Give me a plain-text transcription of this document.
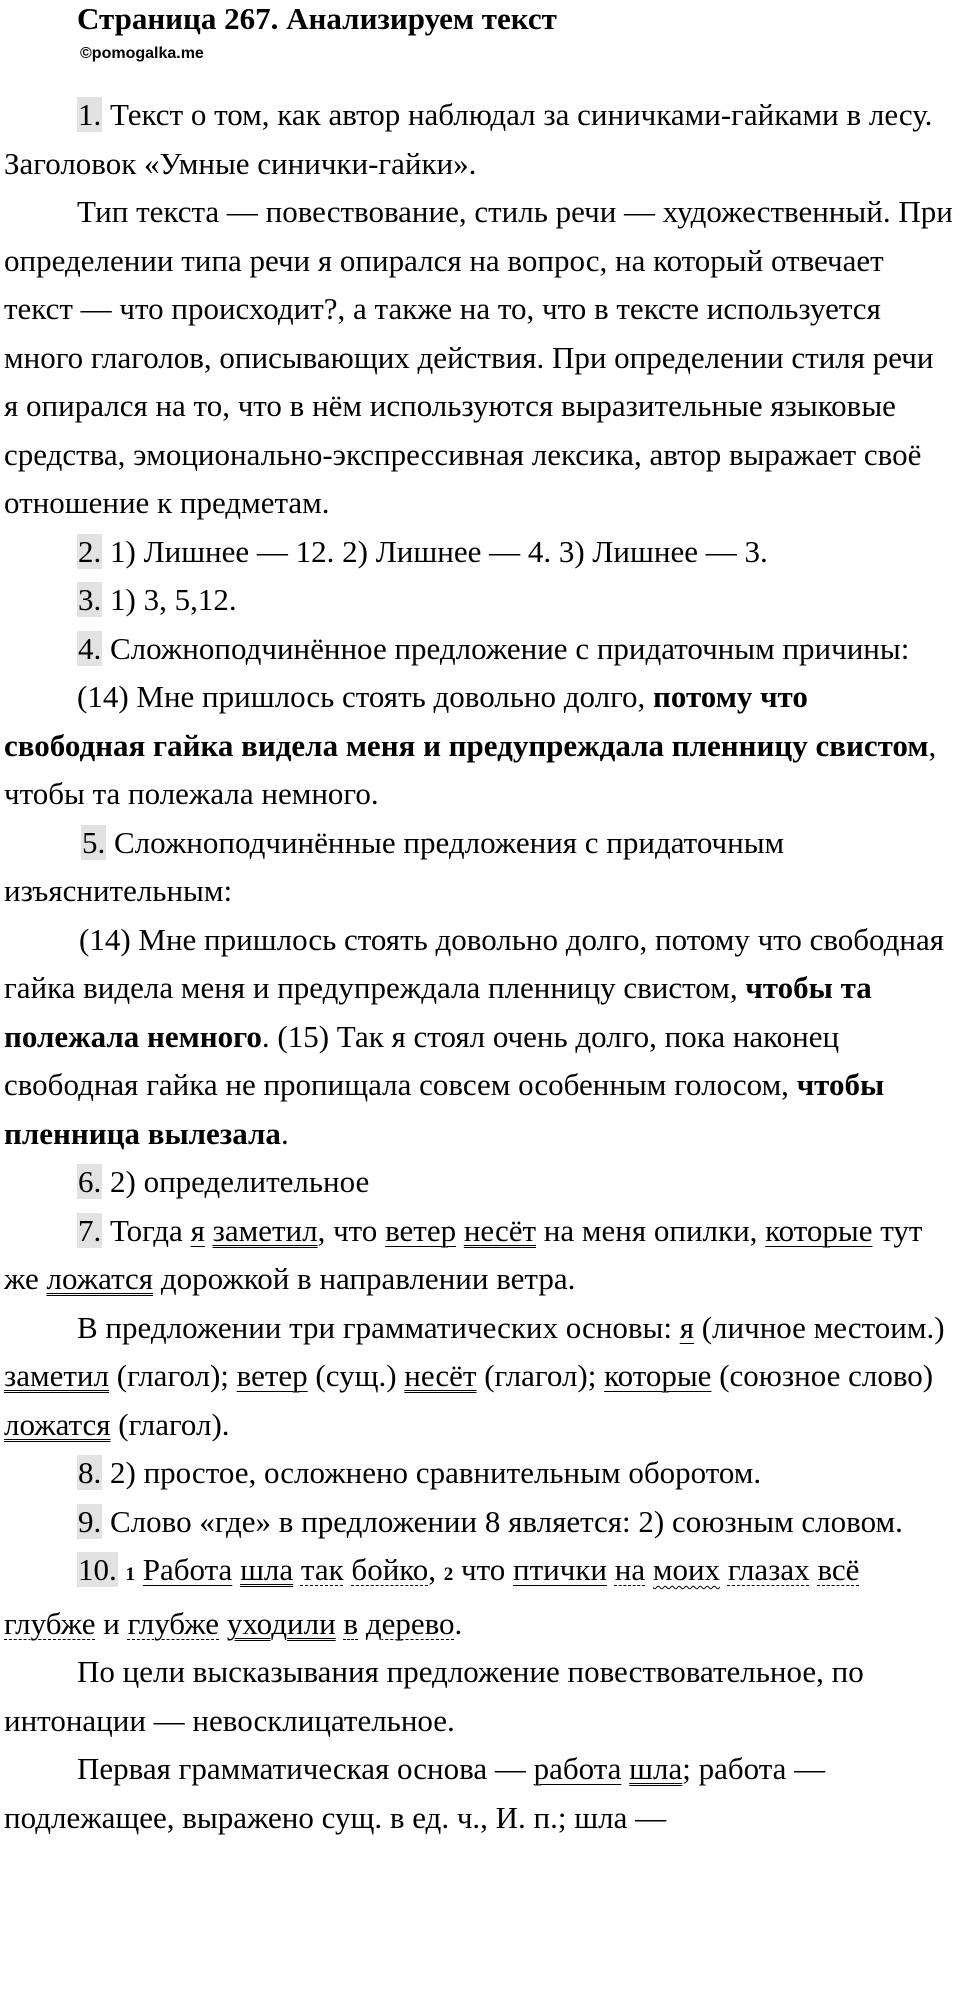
Страница 267. Анализируем текст
©pomogalka.me

1. Текст о том, как автор наблюдал за синичками-гайками в лесу. Заголовок «Умные синички-гайки».

Тип текста — повествование, стиль речи — художественный. При определении типа речи я опирался на вопрос, на который отвечает текст — что происходит?, а также на то, что в тексте используется много глаголов, описывающих действия. При определении стиля речи я опирался на то, что в нём используются выразительные языковые средства, эмоционально-экспрессивная лексика, автор выражает своё отношение к предметам.

2. 1) Лишнее — 12. 2) Лишнее — 4. 3) Лишнее — 3.

3. 1) 3, 5,12.

4. Сложноподчинённое предложение с придаточным причины:

(14) Мне пришлось стоять довольно долго, потому что свободная гайка видела меня и предупреждала пленницу свистом, чтобы та полежала немного.

5. Сложноподчинённые предложения с придаточным изъяснительным:

(14) Мне пришлось стоять довольно долго, потому что свободная гайка видела меня и предупреждала пленницу свистом, чтобы та полежала немного. (15) Так я стоял очень долго, пока наконец свободная гайка не пропищала совсем особенным голосом, чтобы пленница вылезала.

6. 2) определительное

7. Тогда я заметил, что ветер несёт на меня опилки, которые тут же ложатся дорожкой в направлении ветра.

В предложении три грамматических основы: я (личное местоим.) заметил (глагол); ветер (сущ.) несёт (глагол); которые (союзное слово) ложатся (глагол).

8. 2) простое, осложнено сравнительным оборотом.

9. Слово «где» в предложении 8 является: 2) союзным словом.

10. 1 Работа шла так бойко, 2 что птички на моих глазах всё глубже и глубже уходили в дерево.

По цели высказывания предложение повествовательное, по интонации — невосклицательное.

Первая грамматическая основа — работа шла; работа — подлежащее, выражено сущ. в ед. ч., И. п.; шла —
